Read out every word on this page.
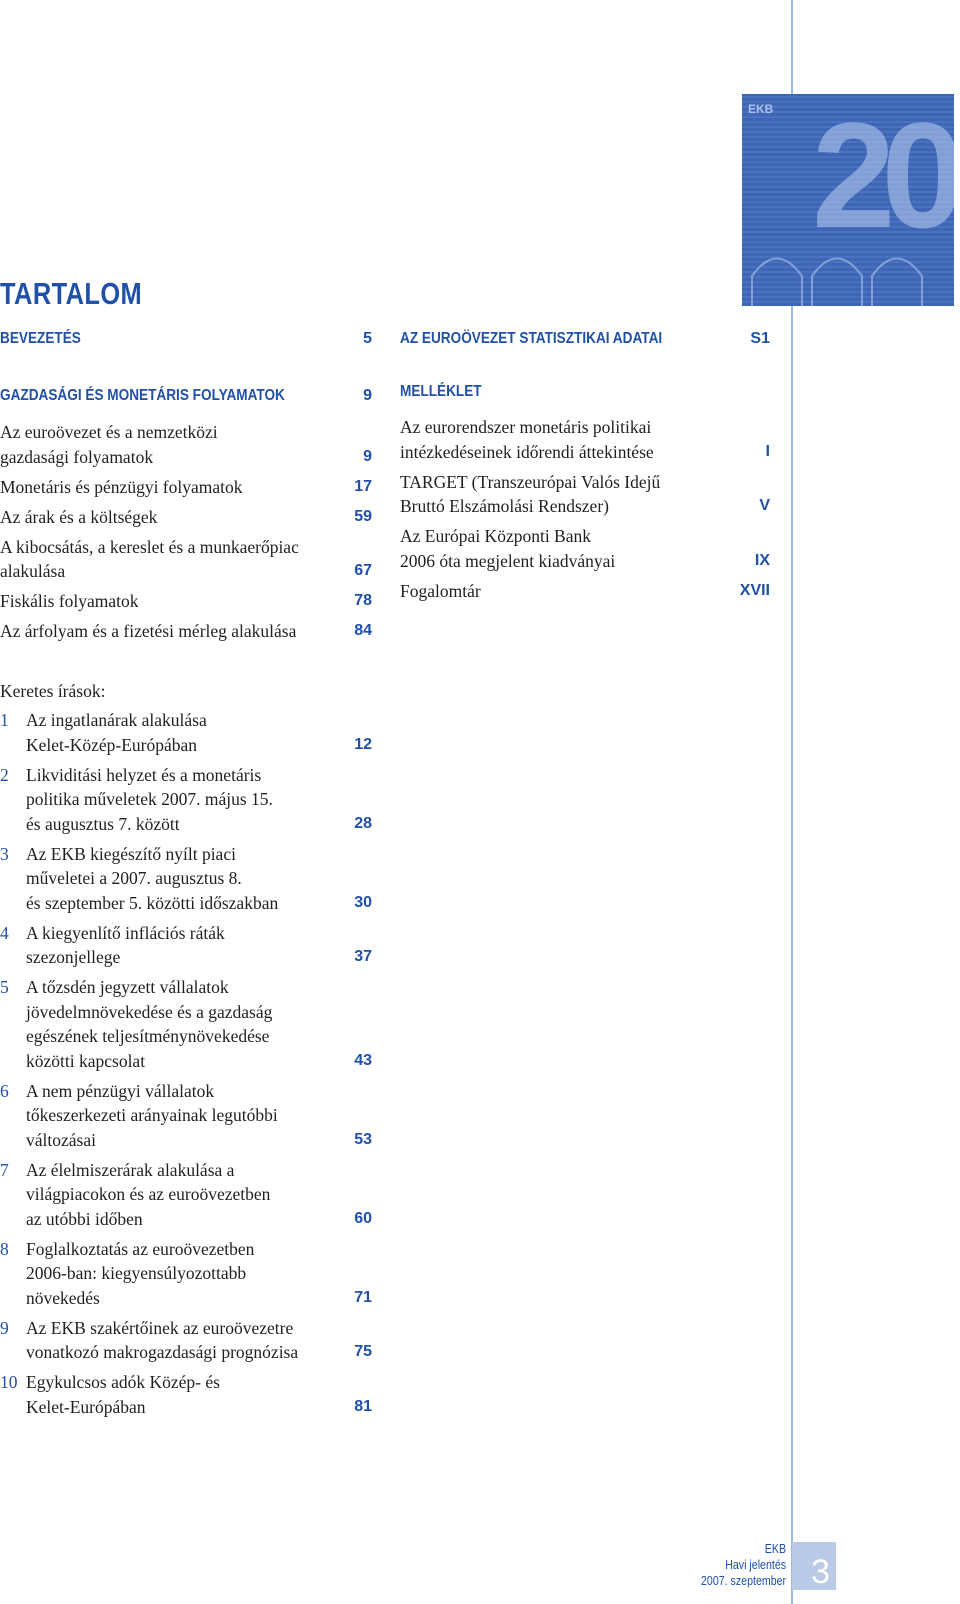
EKB 20
TARTALOM
BEVEZETÉS	5
GAZDASÁGI ÉS MONETÁRIS FOLYAMATOK	9
Az euroövezet és a nemzetközi
gazdasági folyamatok	9
Monetáris és pénzügyi folyamatok	17
Az árak és a költségek	59
A kibocsátás, a kereslet és a munkaerőpiac
alakulása	67
Fiskális folyamatok	78
Az árfolyam és a fizetési mérleg alakulása	84
AZ EUROÖVEZET STATISZTIKAI ADATAI	S1
MELLÉKLET
Az eurorendszer monetáris politikai
intézkedéseinek időrendi áttekintése	I
TARGET (Transzeurópai Valós Idejű
Bruttó Elszámolási Rendszer)	V
Az Európai Központi Bank
2006 óta megjelent kiadványai	IX
Fogalomtár	XVII
Keretes írások:
1 Az ingatlanárak alakulása
Kelet-Közép-Európában	12
2 Likviditási helyzet és a monetáris
politika műveletek 2007. május 15.
és augusztus 7. között	28
3 Az EKB kiegészítő nyílt piaci
műveletei a 2007. augusztus 8.
és szeptember 5. közötti időszakban	30
4 A kiegyenlítő inflációs ráták
szezonjellege	37
5 A tőzsdén jegyzett vállalatok
jövedelmnövekedése és a gazdaság
egészének teljesítménynövekedése
közötti kapcsolat	43
6 A nem pénzügyi vállalatok
tőkeszerkezeti arányainak legutóbbi
változásai	53
7 Az élelmiszerárak alakulása a
világpiacokon és az euroövezetben
az utóbbi időben	60
8 Foglalkoztatás az euroövezetben
2006-ban: kiegyensúlyozottabb
növekedés	71
9 Az EKB szakértőinek az euroövezetre
vonatkozó makrogazdasági prognózisa	75
10 Egykulcsos adók Közép- és
Kelet-Európában	81
EKB
Havi jelentés
2007. szeptember 3
